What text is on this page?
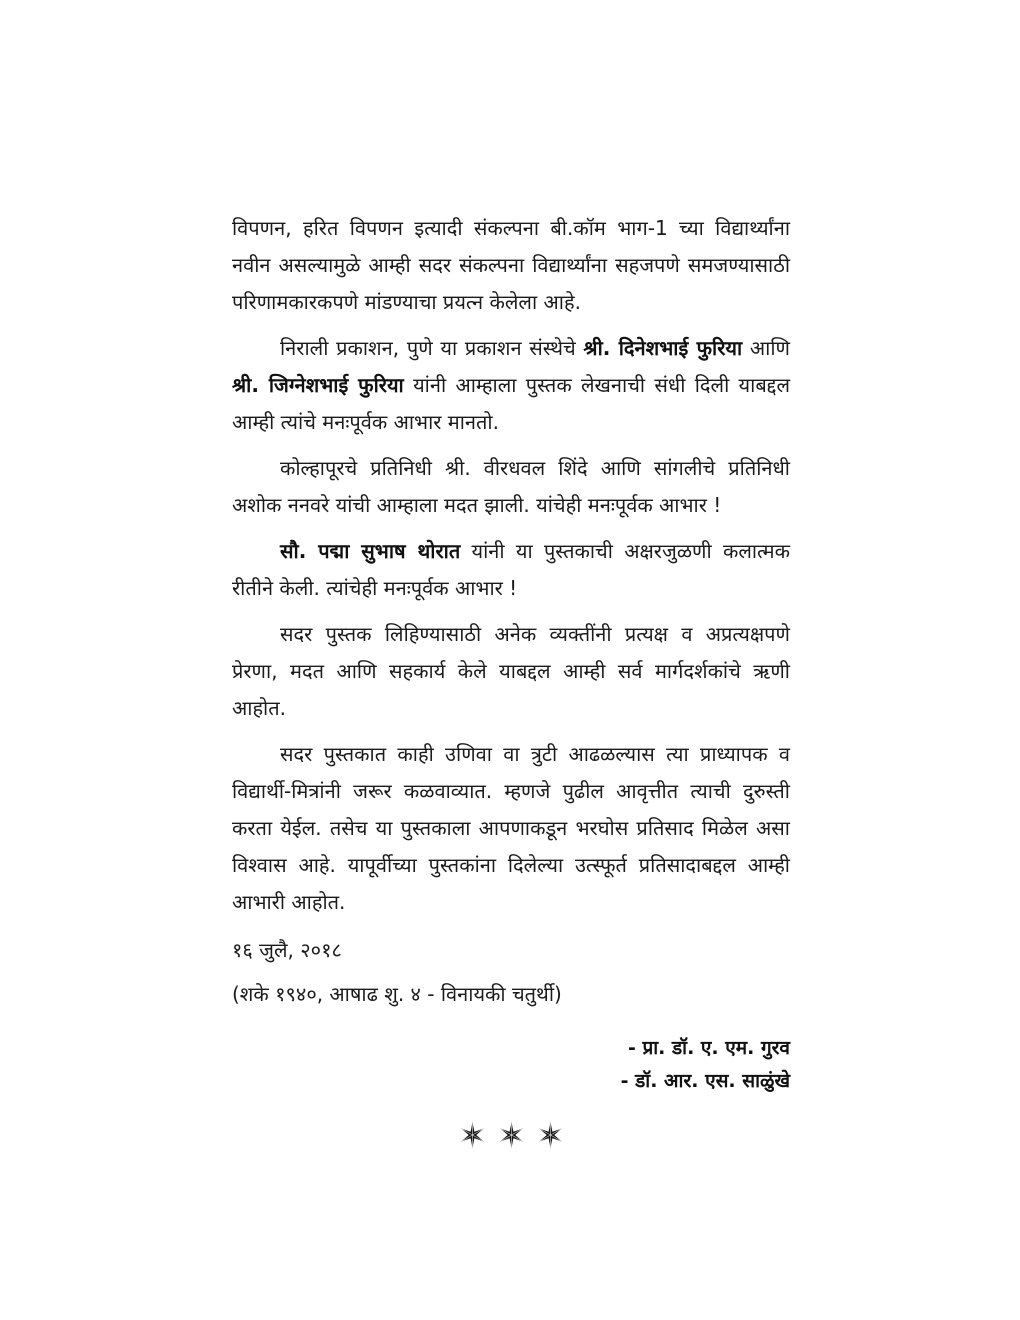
विपणन, हरित विपणन इत्यादी संकल्पना बी.कॉम भाग-1 च्या विद्यार्थ्यांना नवीन असल्यामुळे आम्ही सदर संकल्पना विद्यार्थ्यांना सहजपणे समजण्यासाठी परिणामकारकपणे मांडण्याचा प्रयत्न केलेला आहे.

निराली प्रकाशन, पुणे या प्रकाशन संस्थेचे श्री. दिनेशभाई फुरिया आणि श्री. जिग्नेशभाई फुरिया यांनी आम्हाला पुस्तक लेखनाची संधी दिली याबद्दल आम्ही त्यांचे मनःपूर्वक आभार मानतो.

कोल्हापूरचे प्रतिनिधी श्री. वीरधवल शिंदे आणि सांगलीचे प्रतिनिधी अशोक ननवरे यांची आम्हाला मदत झाली. यांचेही मनःपूर्वक आभार !

सौ. पद्मा सुभाष थोरात यांनी या पुस्तकाची अक्षरजुळणी कलात्मक रीतीने केली. त्यांचेही मनःपूर्वक आभार !

सदर पुस्तक लिहिण्यासाठी अनेक व्यक्तींनी प्रत्यक्ष व अप्रत्यक्षपणे प्रेरणा, मदत आणि सहकार्य केले याबद्दल आम्ही सर्व मार्गदर्शकांचे ऋणी आहोत.

सदर पुस्तकात काही उणिवा वा त्रुटी आढळल्यास त्या प्राध्यापक व विद्यार्थी-मित्रांनी जरूर कळवाव्यात. म्हणजे पुढील आवृत्तीत त्याची दुरुस्ती करता येईल. तसेच या पुस्तकाला आपणाकडून भरघोस प्रतिसाद मिळेल असा विश्वास आहे. यापूर्वीच्या पुस्तकांना दिलेल्या उत्स्फूर्त प्रतिसादाबद्दल आम्ही आभारी आहोत.

१६ जुलै, २०१८

(शके १९४०, आषाढ शु. ४ - विनायकी चतुर्थी)

- प्रा. डॉ. ए. एम. गुरव

- डॉ. आर. एस. साळुंखे
